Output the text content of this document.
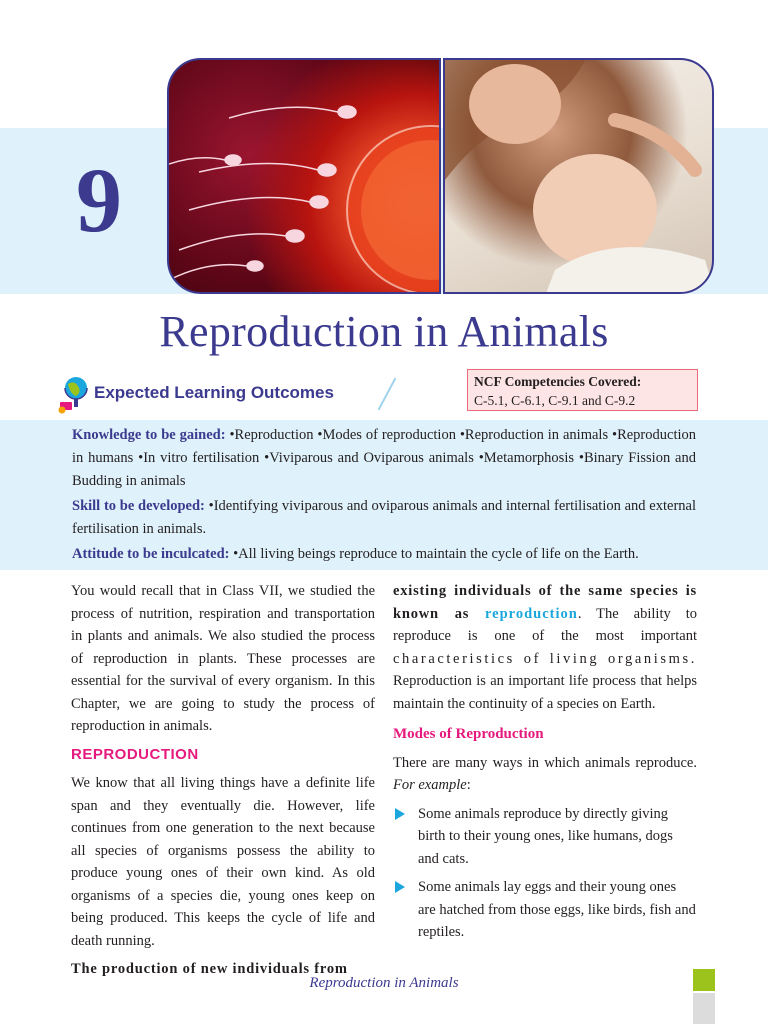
9
Reproduction in Animals
Expected Learning Outcomes
NCF Competencies Covered:
C-5.1, C-6.1, C-9.1 and C-9.2

Knowledge to be gained: •Reproduction •Modes of reproduction •Reproduction in animals •Reproduction in humans •In vitro fertilisation •Viviparous and Oviparous animals •Metamorphosis •Binary Fission and Budding in animals

Skill to be developed: •Identifying viviparous and oviparous animals and internal fertilisation and external fertilisation in animals.

Attitude to be inculcated: •All living beings reproduce to maintain the cycle of life on the Earth.

You would recall that in Class VII, we studied the process of nutrition, respiration and transportation in plants and animals. We also studied the process of reproduction in plants. These processes are essential for the survival of every organism. In this Chapter, we are going to study the process of reproduction in animals.

REPRODUCTION

We know that all living things have a definite life span and they eventually die. However, life continues from one generation to the next because all species of organisms possess the ability to produce young ones of their own kind. As old organisms of a species die, young ones keep on being produced. This keeps the cycle of life and death running.

The production of new individuals from

existing individuals of the same species is known as reproduction. The ability to reproduce is one of the most important characteristics of living organisms. Reproduction is an important life process that helps maintain the continuity of a species on Earth.

Modes of Reproduction

There are many ways in which animals reproduce. For example:

Some animals reproduce by directly giving birth to their young ones, like humans, dogs and cats.
Some animals lay eggs and their young ones are hatched from those eggs, like birds, fish and reptiles.
Reproduction in Animals
